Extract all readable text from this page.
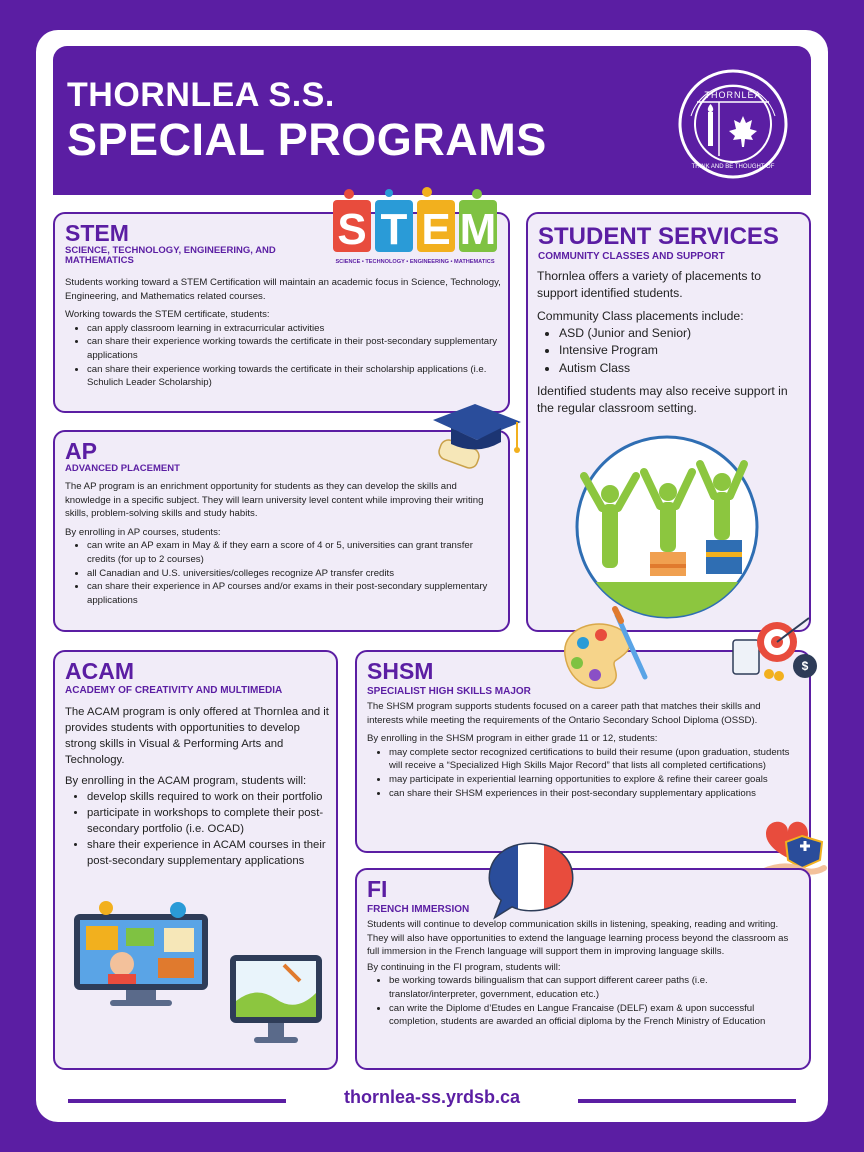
THORNLEA S.S.
SPECIAL PROGRAMS
THORNLEA
THINK AND BE THOUGHT OF
STEM
SCIENCE, TECHNOLOGY, ENGINEERING, AND MATHEMATICS
S T E M
SCIENCE • TECHNOLOGY • ENGINEERING • MATHEMATICS

Students working toward a STEM Certification will maintain an academic focus in Science, Technology, Engineering, and Mathematics related courses.

Working towards the STEM certificate, students:
• can apply classroom learning in extracurricular activities
• can share their experience working towards the certificate in their post-secondary supplementary applications
• can share their experience working towards the certificate in their scholarship applications (i.e. Schulich Leader Scholarship)
STUDENT SERVICES
COMMUNITY CLASSES AND SUPPORT

Thornlea offers a variety of placements to support identified students.

Community Class placements include:
• ASD (Junior and Senior)
• Intensive Program
• Autism Class

Identified students may also receive support in the regular classroom setting.

AP
ADVANCED PLACEMENT

The AP program is an enrichment opportunity for students as they can develop the skills and knowledge in a specific subject. They will learn university level content while improving their writing skills, problem-solving skills and study habits.

By enrolling in AP courses, students:
• can write an AP exam in May & if they earn a score of 4 or 5, universities can grant transfer credits (for up to 2 courses)
• all Canadian and U.S. universities/colleges recognize AP transfer credits
• can share their experience in AP courses and/or exams in their post-secondary supplementary applications
ACAM
ACADEMY OF CREATIVITY AND MULTIMEDIA

The ACAM program is only offered at Thornlea and it provides students with opportunities to develop strong skills in Visual & Performing Arts and Technology.

By enrolling in the ACAM program, students will:
• develop skills required to work on their portfolio
• participate in workshops to complete their post-secondary portfolio (i.e. OCAD)
• share their experience in ACAM courses in their post-secondary supplementary applications
SHSM
SPECIALIST HIGH SKILLS MAJOR
$

The SHSM program supports students focused on a career path that matches their skills and interests while meeting the requirements of the Ontario Secondary School Diploma (OSSD).

By enrolling in the SHSM program in either grade 11 or 12, students:
• may complete sector recognized certifications to build their resume (upon graduation, students will receive a “Specialized High Skills Major Record” that lists all completed certifications)
• may participate in experiential learning opportunities to explore & refine their career goals
• can share their SHSM experiences in their post-secondary supplementary applications
FI
FRENCH IMMERSION

Students will continue to develop communication skills in listening, speaking, reading and writing. They will also have opportunities to extend the language learning process beyond the classroom as full immersion in the French language will support them in improving language skills.

By continuing in the FI program, students will:
• be working towards bilingualism that can support different career paths (i.e. translator/interpreter, government, education etc.)
• can write the Diplome d’Etudes en Langue Francaise (DELF) exam & upon successful completion, students are awarded an official diploma by the French Ministry of Education
thornlea-ss.yrdsb.ca
